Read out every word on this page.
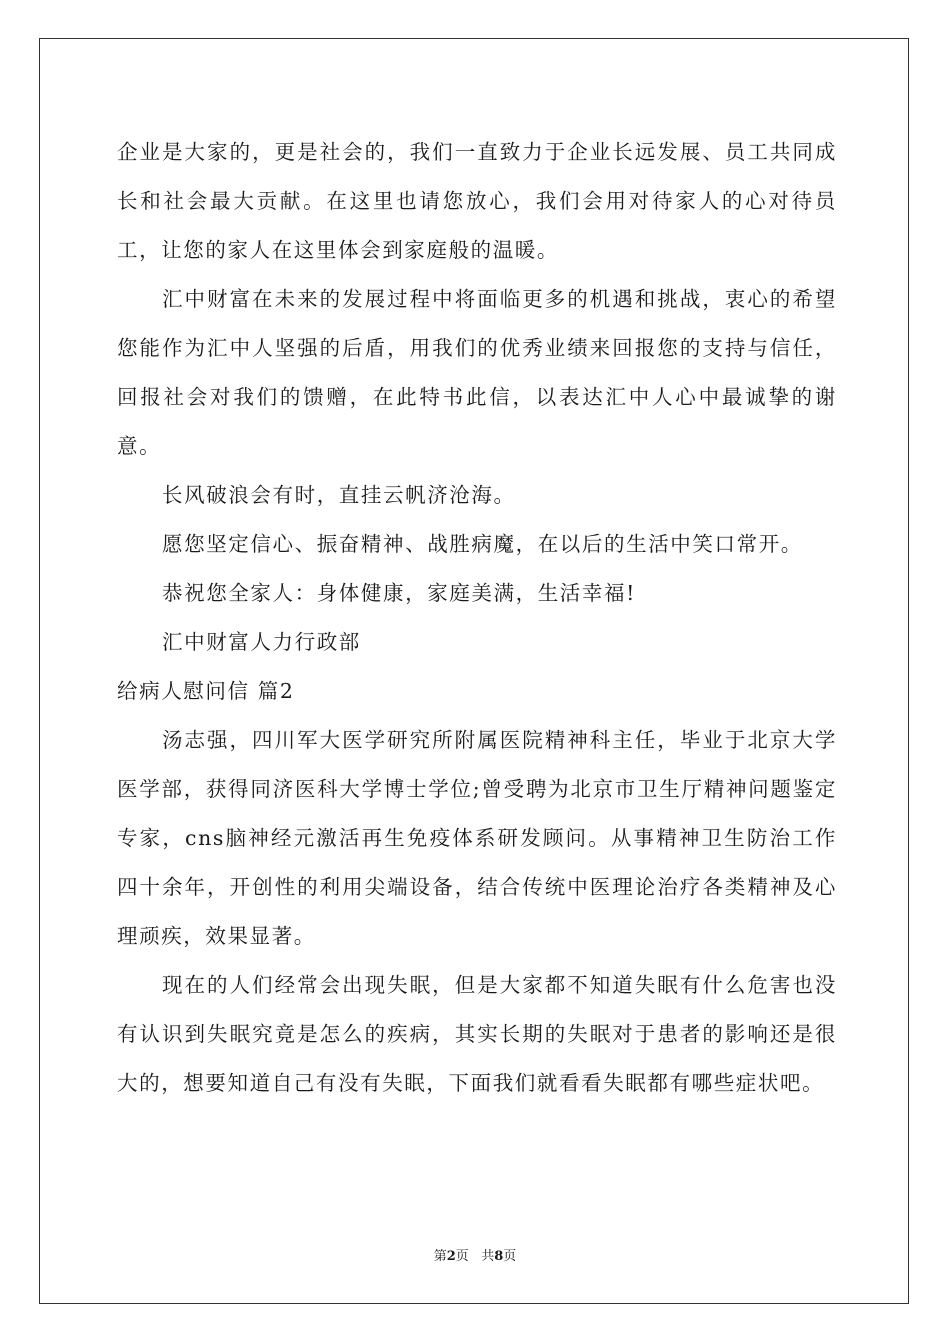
企业是大家的，更是社会的，我们一直致力于企业长远发展、员工共同成长和社会最大贡献。在这里也请您放心，我们会用对待家人的心对待员工，让您的家人在这里体会到家庭般的温暖。

汇中财富在未来的发展过程中将面临更多的机遇和挑战，衷心的希望您能作为汇中人坚强的后盾，用我们的优秀业绩来回报您的支持与信任，回报社会对我们的馈赠，在此特书此信，以表达汇中人心中最诚挚的谢意。

长风破浪会有时，直挂云帆济沧海。

愿您坚定信心、振奋精神、战胜病魔，在以后的生活中笑口常开。

恭祝您全家人：身体健康，家庭美满，生活幸福!

汇中财富人力行政部

给病人慰问信 篇2

汤志强，四川军大医学研究所附属医院精神科主任，毕业于北京大学医学部，获得同济医科大学博士学位;曾受聘为北京市卫生厅精神问题鉴定专家，cns脑神经元激活再生免疫体系研发顾问。从事精神卫生防治工作四十余年，开创性的利用尖端设备，结合传统中医理论治疗各类精神及心理顽疾，效果显著。

现在的人们经常会出现失眠，但是大家都不知道失眠有什么危害也没有认识到失眠究竟是怎么的疾病，其实长期的失眠对于患者的影响还是很大的，想要知道自己有没有失眠，下面我们就看看失眠都有哪些症状吧。

第2页 共8页
